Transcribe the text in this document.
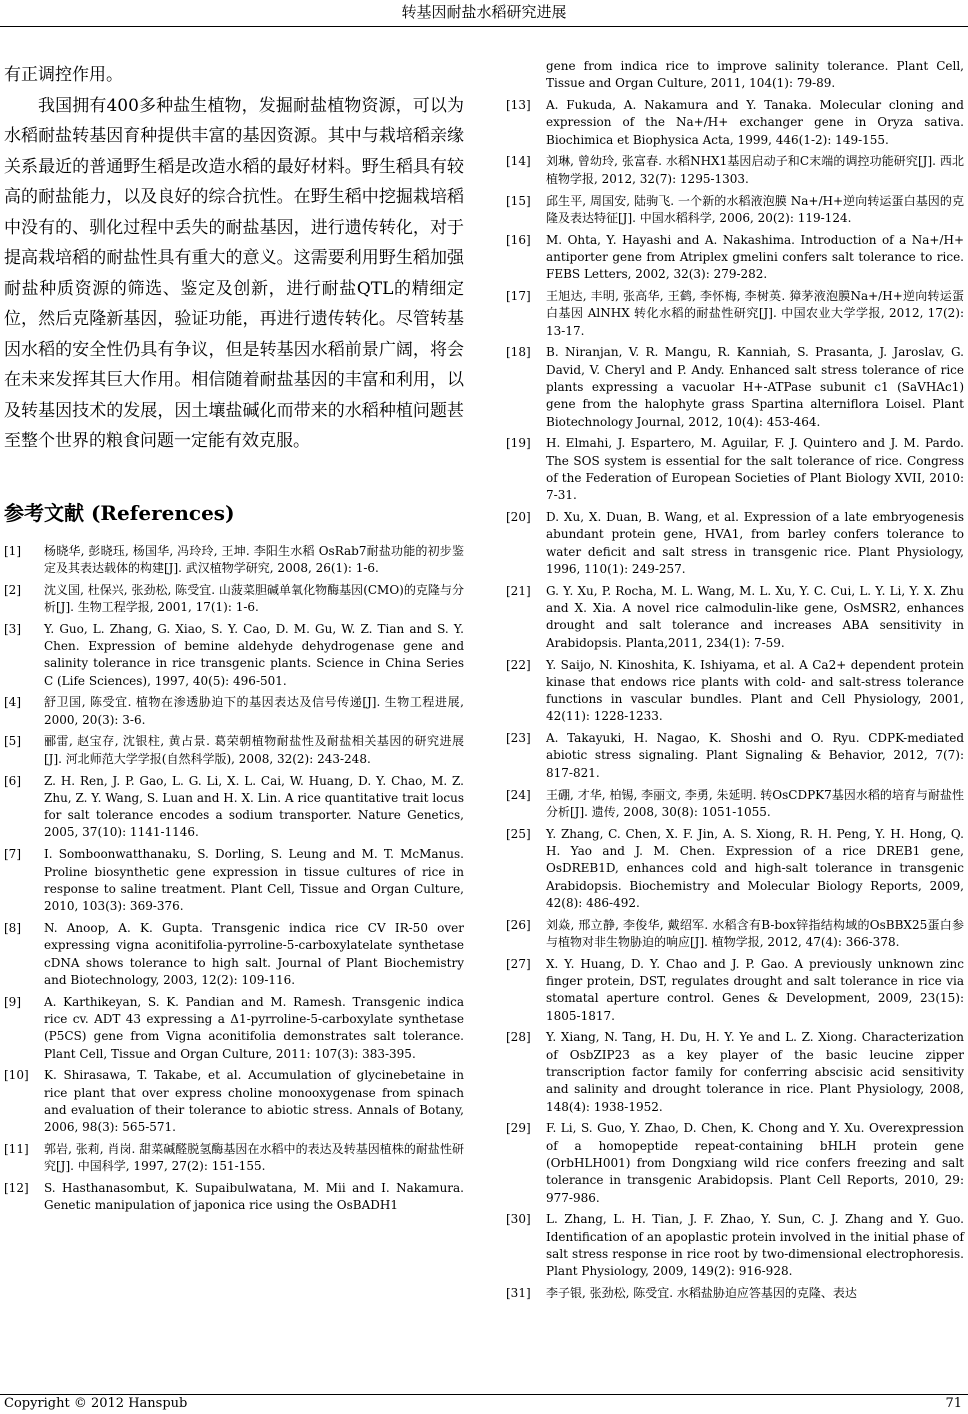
转基因耐盐水稻研究进展

有正调控作用。

我国拥有400多种盐生植物，发掘耐盐植物资源，可以为水稻耐盐转基因育种提供丰富的基因资源。其中与栽培稻亲缘关系最近的普通野生稻是改造水稻的最好材料。野生稻具有较高的耐盐能力，以及良好的综合抗性。在野生稻中挖掘栽培稻中没有的、驯化过程中丢失的耐盐基因，进行遗传转化，对于提高栽培稻的耐盐性具有重大的意义。这需要利用野生稻加强耐盐种质资源的筛选、鉴定及创新，进行耐盐QTL的精细定位，然后克隆新基因，验证功能，再进行遗传转化。尽管转基因水稻的安全性仍具有争议，但是转基因水稻前景广阔，将会在未来发挥其巨大作用。相信随着耐盐基因的丰富和利用，以及转基因技术的发展，因土壤盐碱化而带来的水稻种植问题甚至整个世界的粮食问题一定能有效克服。

参考文献 (References)
[1]	杨晓华, 彭晓珏, 杨国华, 冯玲玲, 王坤. 李阳生水稻 OsRab7耐盐功能的初步鉴定及其表达载体的构建[J]. 武汉植物学研究, 2008, 26(1): 1-6.
[2]	沈义国, 杜保兴, 张劲松, 陈受宜. 山菠菜胆碱单氧化物酶基因(CMO)的克隆与分析[J]. 生物工程学报, 2001, 17(1): 1-6.
[3]	Y. Guo, L. Zhang, G. Xiao, S. Y. Cao, D. M. Gu, W. Z. Tian and S. Y. Chen. Expression of bemine aldehyde dehydrogenase gene and salinity tolerance in rice transgenic plants. Science in China Series C (Life Sciences), 1997, 40(5): 496-501.
[4]	舒卫国, 陈受宜. 植物在渗透胁迫下的基因表达及信号传递[J]. 生物工程进展, 2000, 20(3): 3-6.
[5]	郦雷, 赵宝存, 沈银柱, 黄占景. 葛荣朝植物耐盐性及耐盐相关基因的研究进展[J]. 河北师范大学学报(自然科学版), 2008, 32(2): 243-248.
[6]	Z. H. Ren, J. P. Gao, L. G. Li, X. L. Cai, W. Huang, D. Y. Chao, M. Z. Zhu, Z. Y. Wang, S. Luan and H. X. Lin. A rice quantitative trait locus for salt tolerance encodes a sodium transporter. Nature Genetics, 2005, 37(10): 1141-1146.
[7]	I. Somboonwatthanaku, S. Dorling, S. Leung and M. T. McManus. Proline biosynthetic gene expression in tissue cultures of rice in response to saline treatment. Plant Cell, Tissue and Organ Culture, 2010, 103(3): 369-376.
[8]	N. Anoop, A. K. Gupta. Transgenic indica rice CV IR-50 over expressing vigna aconitifolia-pyrroline-5-carboxylatelate synthetase cDNA shows tolerance to high salt. Journal of Plant Biochemistry and Biotechnology, 2003, 12(2): 109-116.
[9]	A. Karthikeyan, S. K. Pandian and M. Ramesh. Transgenic indica rice cv. ADT 43 expressing a Δ1-pyrroline-5-carboxylate synthetase (P5CS) gene from Vigna aconitifolia demonstrates salt tolerance. Plant Cell, Tissue and Organ Culture, 2011: 107(3): 383-395.
[10]	K. Shirasawa, T. Takabe, et al. Accumulation of glycinebetaine in rice plant that over express choline monooxygenase from spinach and evaluation of their tolerance to abiotic stress. Annals of Botany, 2006, 98(3): 565-571.
[11]	郭岩, 张莉, 肖岗. 甜菜碱醛脱氢酶基因在水稻中的表达及转基因植株的耐盐性研究[J]. 中国科学, 1997, 27(2): 151-155.
[12]	S. Hasthanasombut, K. Supaibulwatana, M. Mii and I. Nakamura. Genetic manipulation of japonica rice using the OsBADH1
gene from indica rice to improve salinity tolerance. Plant Cell, Tissue and Organ Culture, 2011, 104(1): 79-89.
[13]	A. Fukuda, A. Nakamura and Y. Tanaka. Molecular cloning and expression of the Na+/H+ exchanger gene in Oryza sativa. Biochimica et Biophysica Acta, 1999, 446(1-2): 149-155.
[14]	刘琳, 曾幼玲, 张富春. 水稻NHX1基因启动子和C末端的调控功能研究[J]. 西北植物学报, 2012, 32(7): 1295-1303.
[15]	邱生平, 周国安, 陆驹飞. 一个新的水稻液泡膜 Na+/H+逆向转运蛋白基因的克隆及表达特征[J]. 中国水稻科学, 2006, 20(2): 119-124.
[16]	M. Ohta, Y. Hayashi and A. Nakashima. Introduction of a Na+/H+ antiporter gene from Atriplex gmelini confers salt tolerance to rice. FEBS Letters, 2002, 32(3): 279-282.
[17]	王旭达, 丰明, 张高华, 王鹤, 李怀梅, 李树英. 獐茅液泡膜Na+/H+逆向转运蛋白基因 AlNHX 转化水稻的耐盐性研究[J]. 中国农业大学学报, 2012, 17(2): 13-17.
[18]	B. Niranjan, V. R. Mangu, R. Kanniah, S. Prasanta, J. Jaroslav, G. David, V. Cheryl and P. Andy. Enhanced salt stress tolerance of rice plants expressing a vacuolar H+-ATPase subunit c1 (SaVHAc1) gene from the halophyte grass Spartina alterniflora Loisel. Plant Biotechnology Journal, 2012, 10(4): 453-464.
[19]	H. Elmahi, J. Espartero, M. Aguilar, F. J. Quintero and J. M. Pardo. The SOS system is essential for the salt tolerance of rice. Congress of the Federation of European Societies of Plant Biology XVII, 2010: 7-31.
[20]	D. Xu, X. Duan, B. Wang, et al. Expression of a late embryogenesis abundant protein gene, HVA1, from barley confers tolerance to water deficit and salt stress in transgenic rice. Plant Physiology, 1996, 110(1): 249-257.
[21]	G. Y. Xu, P. Rocha, M. L. Wang, M. L. Xu, Y. C. Cui, L. Y. Li, Y. X. Zhu and X. Xia. A novel rice calmodulin-like gene, OsMSR2, enhances drought and salt tolerance and increases ABA sensitivity in Arabidopsis. Planta,2011, 234(1): 7-59.
[22]	Y. Saijo, N. Kinoshita, K. Ishiyama, et al. A Ca2+ dependent protein kinase that endows rice plants with cold- and salt-stress tolerance functions in vascular bundles. Plant and Cell Physiology, 2001, 42(11): 1228-1233.
[23]	A. Takayuki, H. Nagao, K. Shoshi and O. Ryu. CDPK-mediated abiotic stress signaling. Plant Signaling & Behavior, 2012, 7(7): 817-821.
[24]	王硼, 才华, 柏锡, 李丽文, 李勇, 朱延明. 转OsCDPK7基因水稻的培育与耐盐性分析[J]. 遗传, 2008, 30(8): 1051-1055.
[25]	Y. Zhang, C. Chen, X. F. Jin, A. S. Xiong, R. H. Peng, Y. H. Hong, Q. H. Yao and J. M. Chen. Expression of a rice DREB1 gene, OsDREB1D, enhances cold and high-salt tolerance in transgenic Arabidopsis. Biochemistry and Molecular Biology Reports, 2009, 42(8): 486-492.
[26]	刘焱, 邢立静, 李俊华, 戴绍军. 水稻含有B-box锌指结构域的OsBBX25蛋白参与植物对非生物胁迫的响应[J]. 植物学报, 2012, 47(4): 366-378.
[27]	X. Y. Huang, D. Y. Chao and J. P. Gao. A previously unknown zinc finger protein, DST, regulates drought and salt tolerance in rice via stomatal aperture control. Genes & Development, 2009, 23(15): 1805-1817.
[28]	Y. Xiang, N. Tang, H. Du, H. Y. Ye and L. Z. Xiong. Characterization of OsbZIP23 as a key player of the basic leucine zipper transcription factor family for conferring abscisic acid sensitivity and salinity and drought tolerance in rice. Plant Physiology, 2008, 148(4): 1938-1952.
[29]	F. Li, S. Guo, Y. Zhao, D. Chen, K. Chong and Y. Xu. Overexpression of a homopeptide repeat-containing bHLH protein gene (OrbHLH001) from Dongxiang wild rice confers freezing and salt tolerance in transgenic Arabidopsis. Plant Cell Reports, 2010, 29: 977-986.
[30]	L. Zhang, L. H. Tian, J. F. Zhao, Y. Sun, C. J. Zhang and Y. Guo. Identification of an apoplastic protein involved in the initial phase of salt stress response in rice root by two-dimensional electrophoresis. Plant Physiology, 2009, 149(2): 916-928.
[31]	李子银, 张劲松, 陈受宜. 水稻盐胁迫应答基因的克隆、表达
Copyright © 2012 Hanspub	71
